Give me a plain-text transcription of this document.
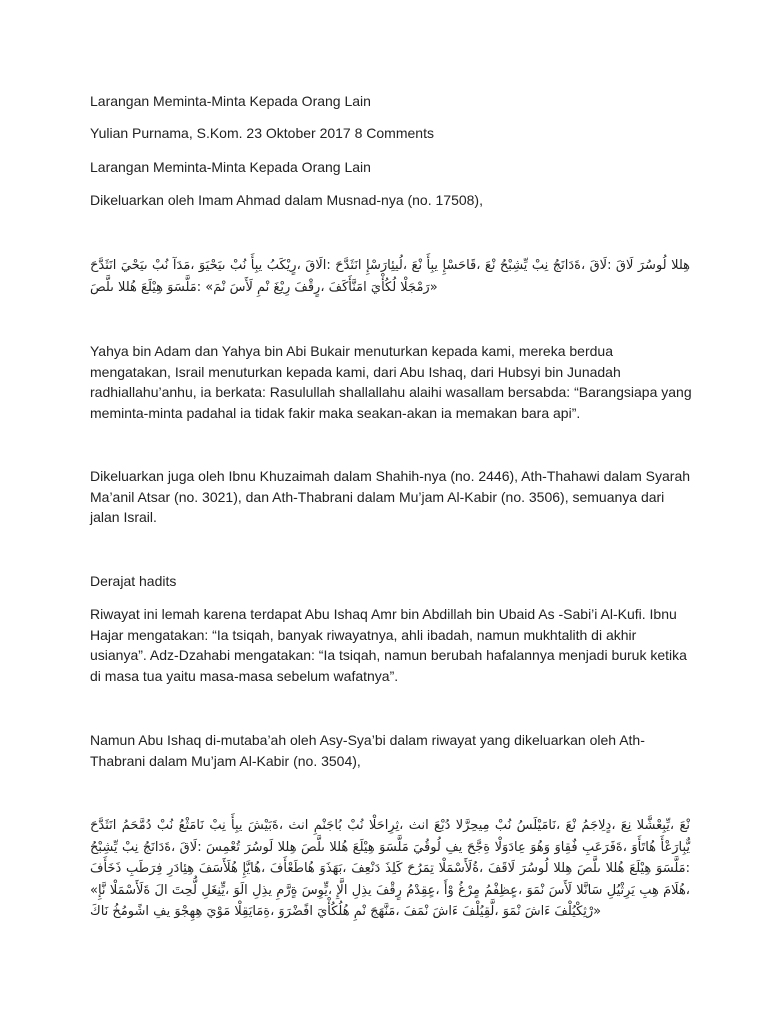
Larangan Meminta-Minta Kepada Orang Lain
Yulian Purnama, S.Kom. 23 Oktober 2017 8 Comments
Larangan Meminta-Minta Kepada Orang Lain
Dikeluarkan oleh Imam Ahmad dalam Musnad-nya (no. 17508),
حَدَّثَنَا يَحْيَى بْنُ آدَمَ، وَيَحْيَى بْنُ أَبِي بُكَيْرٍ، قَالَا: حَدَّثَنَا إِسْرَائِيلُ، عَنْ أَبِي إِسْحَاقَ، عَنْ حُبْشِيِّ بْنِ جُنَادَةَ، قَالَ: قَالَ رَسُولُ اللهِ صَلَّى اللهُ عَلَيْهِ وَسَلَّمَ: «مَنْ سَأَلَ مِنْ غَيْرِ فَقْرٍ، فَكَأَنَّمَا يَأْكُلُ الْجَمْرَ»
Yahya bin Adam dan Yahya bin Abi Bukair menuturkan kepada kami, mereka berdua
mengatakan, Israil menuturkan kepada kami, dari Abu Ishaq, dari Hubsyi bin Junadah
radhiallahu’anhu, ia berkata: Rasulullah shallallahu alaihi wasallam bersabda: “Barangsiapa yang
meminta-minta padahal ia tidak fakir maka seakan-akan ia memakan bara api”.
Dikeluarkan juga oleh Ibnu Khuzaimah dalam Shahih-nya (no. 2446), Ath-Thahawi dalam Syarah
Ma’anil Atsar (no. 3021), dan Ath-Thabrani dalam Mu’jam Al-Kabir (no. 3506), semuanya dari
jalan Israil.
Derajat hadits
Riwayat ini lemah karena terdapat Abu Ishaq Amr bin Abdillah bin Ubaid As -Sabi’i Al-Kufi. Ibnu
Hajar mengatakan: “Ia tsiqah, banyak riwayatnya, ahli ibadah, namun mukhtalith di akhir
usianya”. Adz-Dzahabi mengatakan: “Ia tsiqah, namun berubah hafalannya menjadi buruk ketika
di masa tua yaitu masa-masa sebelum wafatnya”.
Namun Abu Ishaq di-mutaba’ah oleh Asy-Sya’bi dalam riwayat yang dikeluarkan oleh Ath-
Thabrani dalam Mu’jam Al-Kabir (no. 3504),
حَدَّثَنَا مُحَمَّدُ بْنُ عُثْمَانَ بْنِ أَبِي شَيْبَةَ، ثنا مِنْجَابُ بْنُ الْحَارِثِ، ثنا عَبْدُ الرَّحِيمِ بْنُ سُلَيْمَانَ، عَنْ مُجَالِدٍ، عَنِ الشَّعْبِيِّ، عَنْ حُبْشِيِّ بْنِ جُنَادَةَ، قَالَ: سَمِعْتُ رَسُولَ اللهِ صَلَّى اللهُ عَلَيْهِ وَسَلَّمَ يَقُولُ فِي حَجَّةِ الْوَدَاعِ وَهُوَ وَاقِفٌ بِعَرَفَةَ، وَأَتَاهُ أَعْرَابِيٌّ فَأَخَذَ بِطَرَفِ رِدَائِهِ فَسَأَلَهُ إِيَّاهُ، فَأَعْطَاهُ وَذَهَبَ، فَعِنْدَ ذَلِكَ حَرُمَتِ الْمَسْأَلَةُ، فَقَالَ رَسُولُ اللهِ صَلَّى اللهُ عَلَيْهِ وَسَلَّمَ: «إِنَّ الْمَسْأَلَةَ لَا تَحِلُّ لِغَنِيٍّ، وَلَا لِذِي مِرَّةٍ سَوِيٍّ، إِلَّا لِذِي فَقْرٍ مُدْقِعٍ، أَوْ غُرْمٍ مُفْظِعٍ، وَمَنْ سَأَلَ النَّاسَ لِيُثْرِيَ بِهِ مَالَهُ، كَانَ خُمُوشًا فِي وَجْهِهِ يَوْمَ الْقِيَامَةِ، وَرَضْفًا يَأْكُلُهُ مِنْ جَهَنَّمَ، فَمَنْ شَاءَ فَلْيُقِلَّ، وَمَنْ شَاءَ فَلْيُكْثِرْ»
